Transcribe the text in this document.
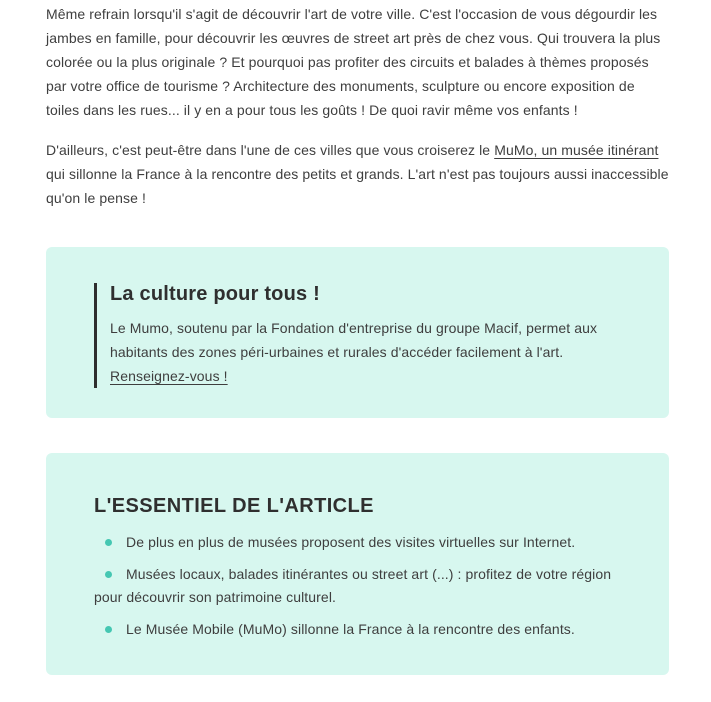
Même refrain lorsqu'il s'agit de découvrir l'art de votre ville. C'est l'occasion de vous dégourdir les jambes en famille, pour découvrir les œuvres de street art près de chez vous. Qui trouvera la plus colorée ou la plus originale ? Et pourquoi pas profiter des circuits et balades à thèmes proposés par votre office de tourisme ? Architecture des monuments, sculpture ou encore exposition de toiles dans les rues... il y en a pour tous les goûts ! De quoi ravir même vos enfants !

D'ailleurs, c'est peut-être dans l'une de ces villes que vous croiserez le MuMo, un musée itinérant qui sillonne la France à la rencontre des petits et grands. L'art n'est pas toujours aussi inaccessible qu'on le pense !

La culture pour tous !

Le Mumo, soutenu par la Fondation d'entreprise du groupe Macif, permet aux habitants des zones péri-urbaines et rurales d'accéder facilement à l'art. Renseignez-vous !

L'ESSENTIEL DE L'ARTICLE
De plus en plus de musées proposent des visites virtuelles sur Internet.
Musées locaux, balades itinérantes ou street art (...) : profitez de votre région pour découvrir son patrimoine culturel.
Le Musée Mobile (MuMo) sillonne la France à la rencontre des enfants.
